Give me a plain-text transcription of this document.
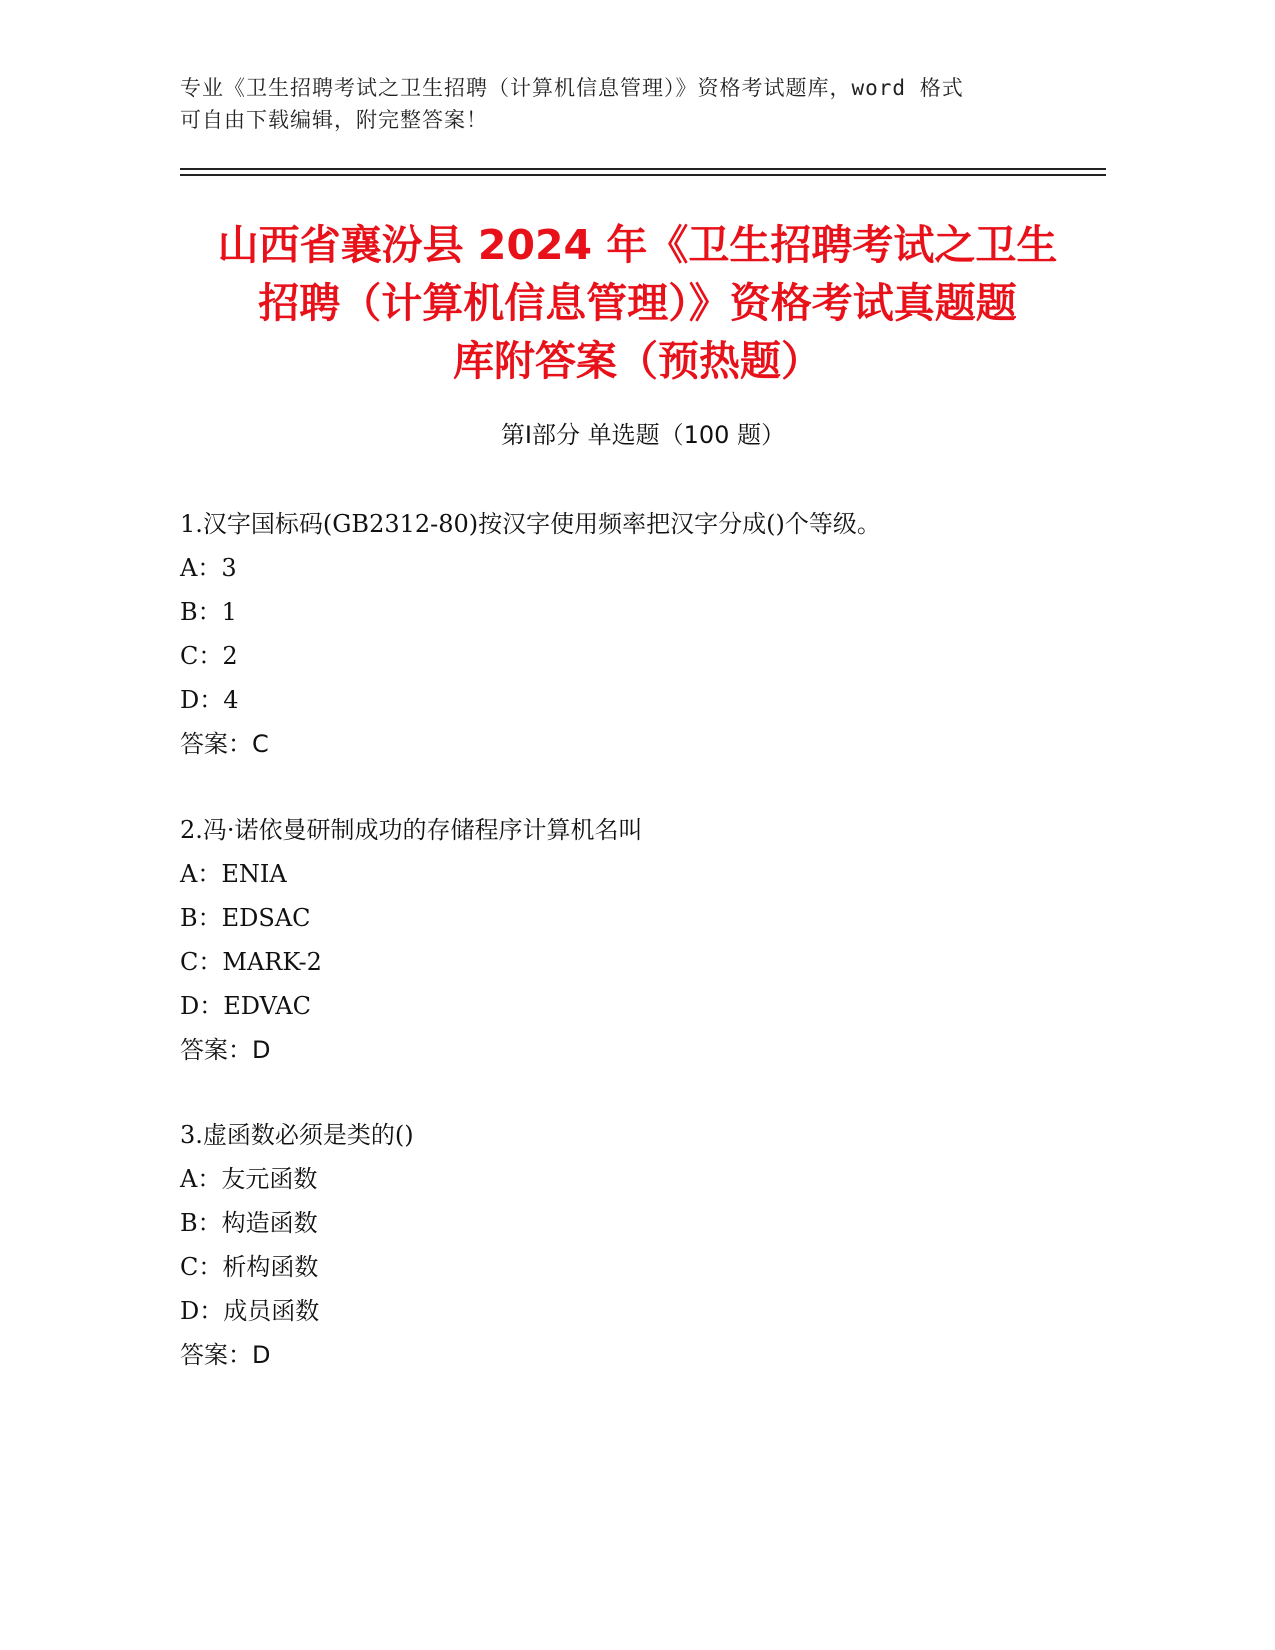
专业《卫生招聘考试之卫生招聘（计算机信息管理）》资格考试题库，word 格式
可自由下载编辑，附完整答案！
山西省襄汾县 2024 年《卫生招聘考试之卫生
招聘（计算机信息管理）》资格考试真题题
库附答案（预热题）
第Ⅰ部分 单选题（100 题）
1.汉字国标码(GB2312-80)按汉字使用频率把汉字分成()个等级。
A：3
B：1
C：2
D：4
答案：C
2.冯·诺依曼研制成功的存储程序计算机名叫
A：ENIA
B：EDSAC
C：MARK-2
D：EDVAC
答案：D
3.虚函数必须是类的()
A：友元函数
B：构造函数
C：析构函数
D：成员函数
答案：D
